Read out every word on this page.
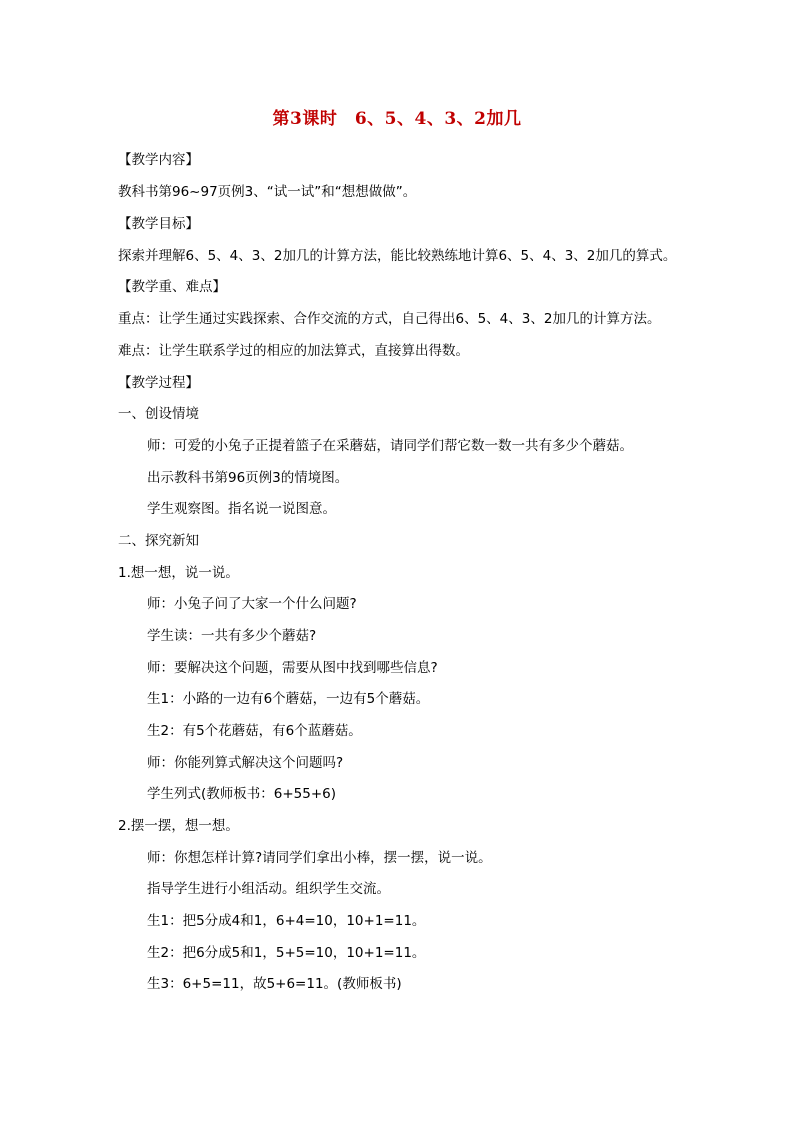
第3课时　6、5、4、3、2加几
【教学内容】
教科书第96~97页例3、“试一试”和“想想做做”。
【教学目标】
探索并理解6、5、4、3、2加几的计算方法，能比较熟练地计算6、5、4、3、2加几的算式。
【教学重、难点】
重点：让学生通过实践探索、合作交流的方式，自己得出6、5、4、3、2加几的计算方法。
难点：让学生联系学过的相应的加法算式，直接算出得数。
【教学过程】
一、创设情境
师：可爱的小兔子正提着篮子在采蘑菇，请同学们帮它数一数一共有多少个蘑菇。
出示教科书第96页例3的情境图。
学生观察图。指名说一说图意。
二、探究新知
1.想一想，说一说。
师：小兔子问了大家一个什么问题?
学生读：一共有多少个蘑菇?
师：要解决这个问题，需要从图中找到哪些信息?
生1：小路的一边有6个蘑菇，一边有5个蘑菇。
生2：有5个花蘑菇，有6个蓝蘑菇。
师：你能列算式解决这个问题吗?
学生列式(教师板书：6+55+6)
2.摆一摆，想一想。
师：你想怎样计算?请同学们拿出小棒，摆一摆，说一说。
指导学生进行小组活动。组织学生交流。
生1：把5分成4和1，6+4=10，10+1=11。
生2：把6分成5和1，5+5=10，10+1=11。
生3：6+5=11，故5+6=11。(教师板书)
